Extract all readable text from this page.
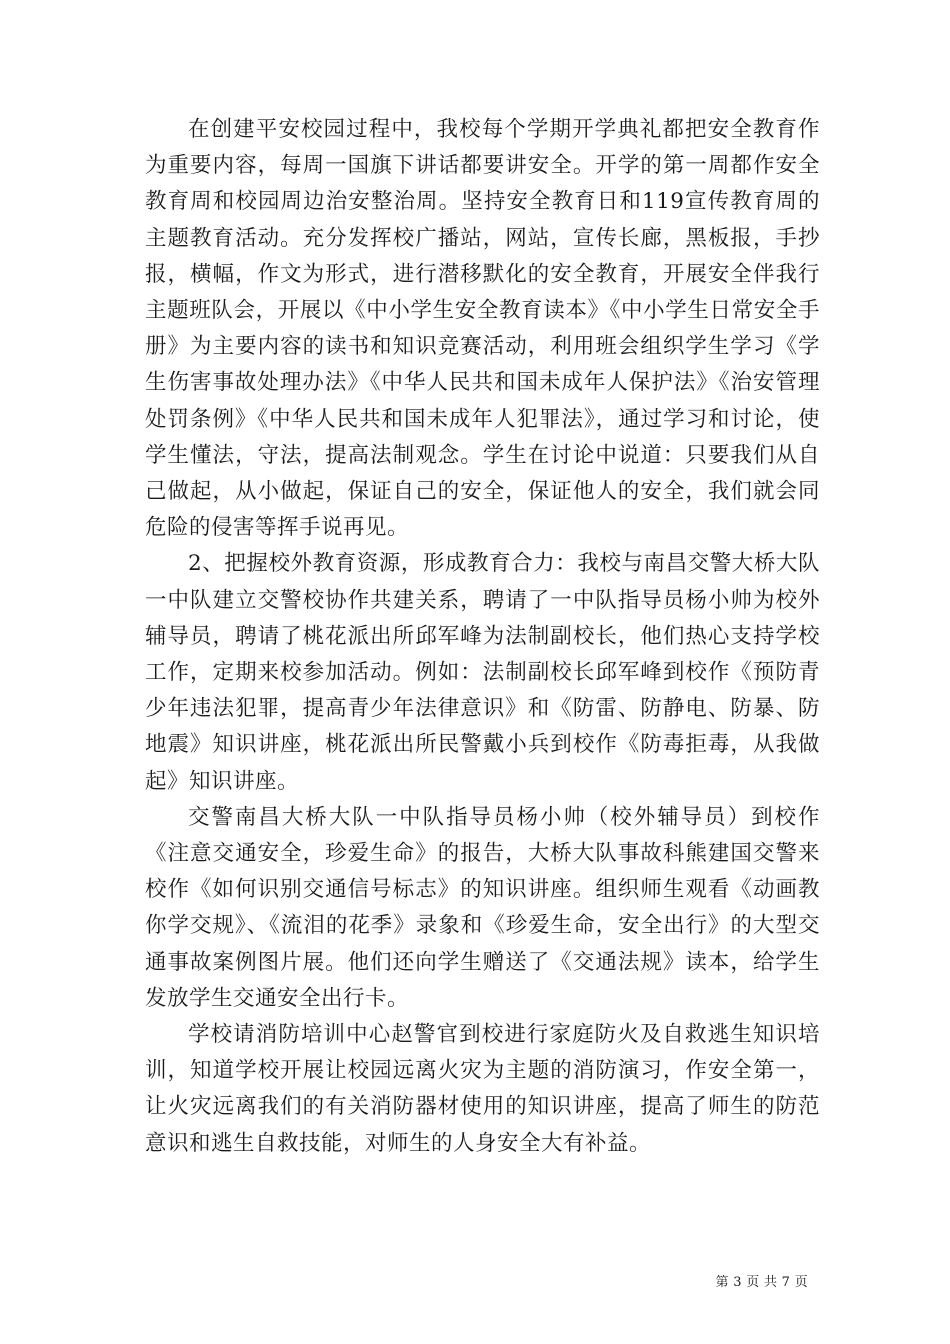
在创建平安校园过程中，我校每个学期开学典礼都把安全教育作为重要内容，每周一国旗下讲话都要讲安全。开学的第一周都作安全教育周和校园周边治安整治周。坚持安全教育日和119宣传教育周的主题教育活动。充分发挥校广播站，网站，宣传长廊，黑板报，手抄报，横幅，作文为形式，进行潜移默化的安全教育，开展安全伴我行主题班队会，开展以《中小学生安全教育读本》《中小学生日常安全手册》为主要内容的读书和知识竞赛活动，利用班会组织学生学习《学生伤害事故处理办法》《中华人民共和国未成年人保护法》《治安管理处罚条例》《中华人民共和国未成年人犯罪法》，通过学习和讨论，使学生懂法，守法，提高法制观念。学生在讨论中说道：只要我们从自己做起，从小做起，保证自己的安全，保证他人的安全，我们就会同危险的侵害等挥手说再见。

2、把握校外教育资源，形成教育合力：我校与南昌交警大桥大队一中队建立交警校协作共建关系，聘请了一中队指导员杨小帅为校外辅导员，聘请了桃花派出所邱军峰为法制副校长，他们热心支持学校工作，定期来校参加活动。例如：法制副校长邱军峰到校作《预防青少年违法犯罪，提高青少年法律意识》和《防雷、防静电、防暴、防地震》知识讲座，桃花派出所民警戴小兵到校作《防毒拒毒，从我做起》知识讲座。

交警南昌大桥大队一中队指导员杨小帅（校外辅导员）到校作《注意交通安全，珍爱生命》的报告，大桥大队事故科熊建国交警来校作《如何识别交通信号标志》的知识讲座。组织师生观看《动画教你学交规》、《流泪的花季》录象和《珍爱生命，安全出行》的大型交通事故案例图片展。他们还向学生赠送了《交通法规》读本，给学生发放学生交通安全出行卡。

学校请消防培训中心赵警官到校进行家庭防火及自救逃生知识培训，知道学校开展让校园远离火灾为主题的消防演习，作安全第一，让火灾远离我们的有关消防器材使用的知识讲座，提高了师生的防范意识和逃生自救技能，对师生的人身安全大有补益。

第 3 页 共 7 页
